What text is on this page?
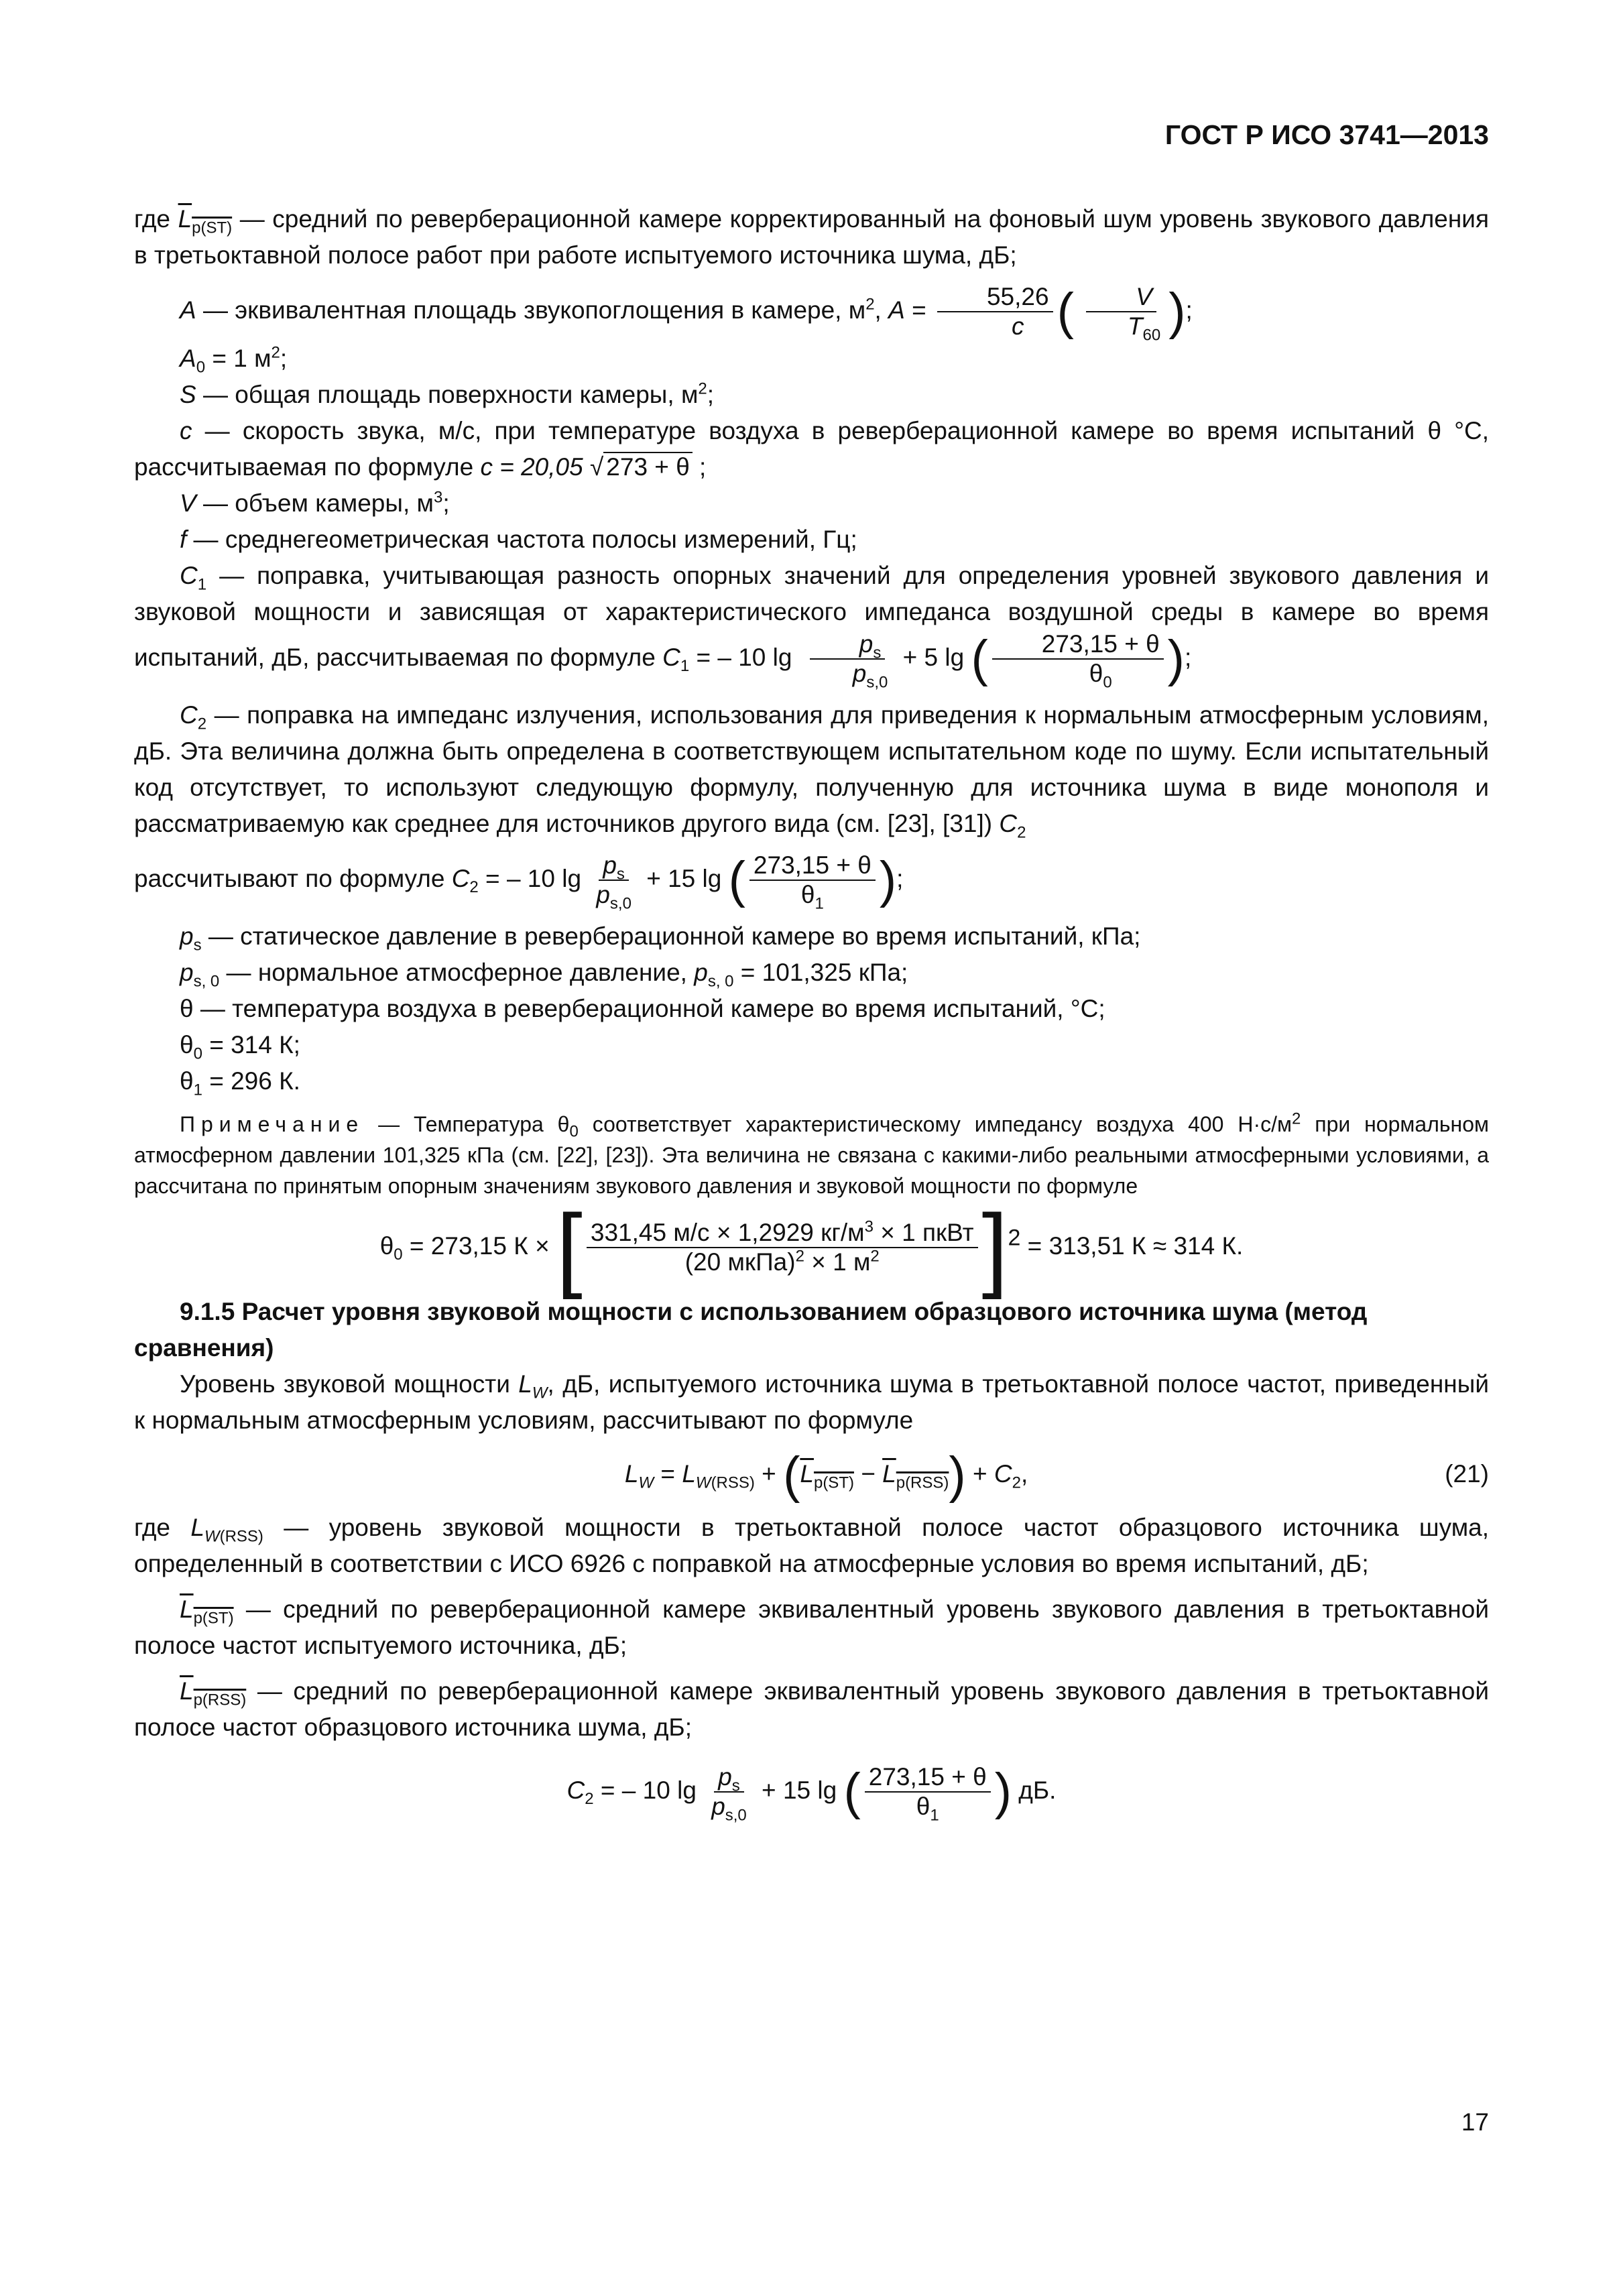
ГОСТ Р ИСО 3741—2013

где $L_{p(ST)}$ — средний по реверберационной камере корректированный на фоновый шум уровень звукового давления в третьоктавной полосе работ при работе испытуемого источника шума, дБ;

A — эквивалентная площадь звукопоглощения в камере, $м^2$, $A = \frac{55,26}{c}$ ( $\frac{V}{T_{60}}$ );

$A_0 = 1$ $м^2$;

S — общая площадь поверхности камеры, $м^2$;

c — скорость звука, м/с, при температуре воздуха в реверберационной камере во время испытаний θ °С, рассчитываемая по формуле c = 20,05 √ 273 + θ ;

V — объем камеры, $м^3$;

f — среднегеометрическая частота полосы измерений, Гц;

$C_1$ — поправка, учитывающая разность опорных значений для определения уровней звукового давления и звуковой мощности и зависящая от характеристического импеданса воздушной среды в камере во время испытаний, дБ, рассчитываемая по формуле $C_1$ = – 10 $\lg \frac{p_s}{p_{s,0}} + 5$ lg ( $\frac{273,15 + \theta}{\theta_0}$ );

$C_2$ — поправка на импеданс излучения, использования для приведения к нормальным атмосферным условиям, дБ. Эта величина должна быть определена в соответствующем испытательном коде по шуму. Если испытательный код отсутствует, то используют следующую формулу, полученную для источника шума в виде монополя и рассматриваемую как среднее для источников другого вида (см. [23], [31]) $C_2$

рассчитывают по формуле $C_2$ = – 10 $\lg \frac{p_s}{p_{s,0}} + 15$ lg ( $\frac{273,15 + \theta}{\theta_1}$ );

$p_s$ — статическое давление в реверберационной камере во время испытаний, кПа;

$p_{s, 0}$ — нормальное атмосферное давление, $p_{s, 0} = 101,325$ кПа;

θ — температура воздуха в реверберационной камере во время испытаний, °С;

$\theta_0 = 314$ К;

$\theta_1 = 296$ К.

Примечание — Температура $\theta_0$ соответствует характеристическому импедансу воздуха 400 $Н\cdot с/м^2$ при нормальном атмосферном давлении 101,325 кПа (см. [22], [23]). Эта величина не связана с какими-либо реальными атмосферными условиями, а рассчитана по принятым опорным значениям звукового давления и звуковой мощности по формуле

$\theta_0 = 273,15$ К × [ $\frac{331,45 м/с \times 1,2929 кг/м^3 \times 1 пкВт}{(20 мкПа)^2 \times 1 м^2} ]^2 = 313,51$ К ≈ 314 К.
9.1.5 Расчет уровня звуковой мощности с использованием образцового источника шума (метод сравнения)

Уровень звуковой мощности $L_W$, дБ, испытуемого источника шума в третьоктавной полосе частот, приведенный к нормальным атмосферным условиям, рассчитывают по формуле

$L_W = L_{W(RSS)} + (L_{p(ST)} - L_{p(RSS)}) + C_2$,	(21)

где $L_{W(RSS)}$ — уровень звуковой мощности в третьоктавной полосе частот образцового источника шума, определенный в соответствии с ИСО 6926 с поправкой на атмосферные условия во время испытаний, дБ;

$L_{p(ST)}$ — средний по реверберационной камере эквивалентный уровень звукового давления в третьоктавной полосе частот испытуемого источника, дБ;

$L_{p(RSS)}$ — средний по реверберационной камере эквивалентный уровень звукового давления в третьоктавной полосе частот образцового источника шума, дБ;

$C_2$ = – 10 $\lg \frac{p_s}{p_{s,0}} + 15$ lg ( $\frac{273,15 + \theta}{\theta_1}$ ) дБ.
17
